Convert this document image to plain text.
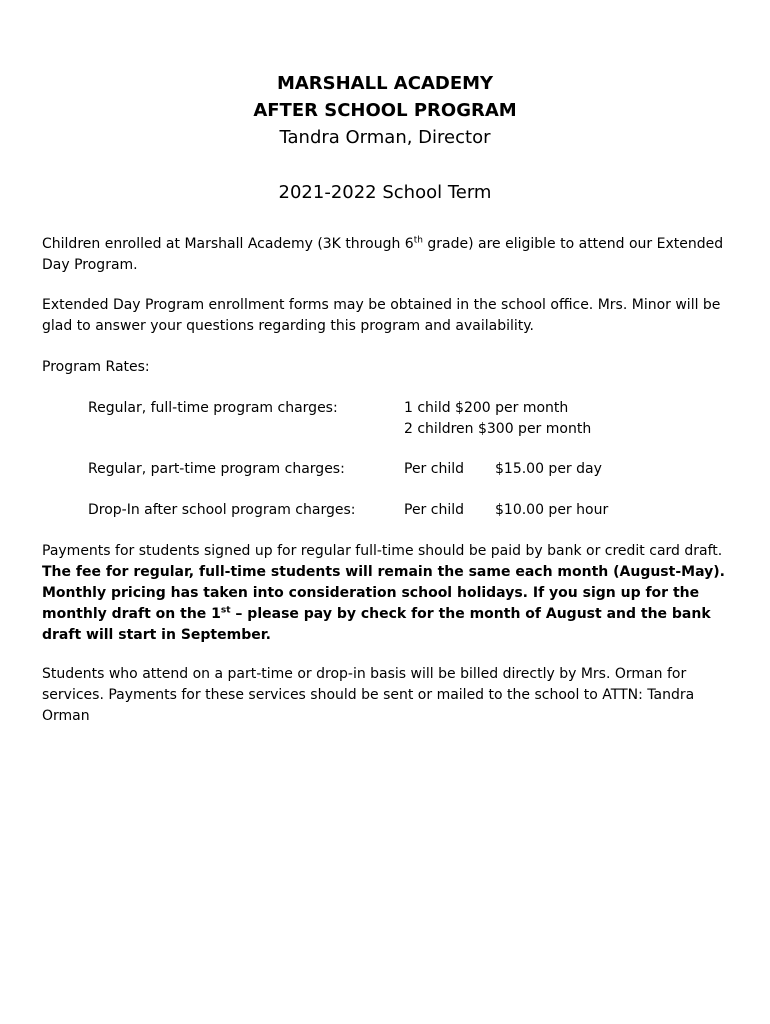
MARSHALL ACADEMY
AFTER SCHOOL PROGRAM
Tandra Orman, Director
2021-2022 School Term

Children enrolled at Marshall Academy (3K through 6th grade) are eligible to attend our Extended Day Program.

Extended Day Program enrollment forms may be obtained in the school office. Mrs. Minor will be glad to answer your questions regarding this program and availability.

Program Rates:

Regular, full-time program charges:	1 child $200 per month
2 children $300 per month
Regular, part-time program charges:	Per child $15.00 per day
Drop-In after school program charges:	Per child $10.00 per hour

Payments for students signed up for regular full-time should be paid by bank or credit card draft. The fee for regular, full-time students will remain the same each month (August-May). Monthly pricing has taken into consideration school holidays. If you sign up for the monthly draft on the 1st – please pay by check for the month of August and the bank draft will start in September.

Students who attend on a part-time or drop-in basis will be billed directly by Mrs. Orman for services. Payments for these services should be sent or mailed to the school to ATTN: Tandra Orman
